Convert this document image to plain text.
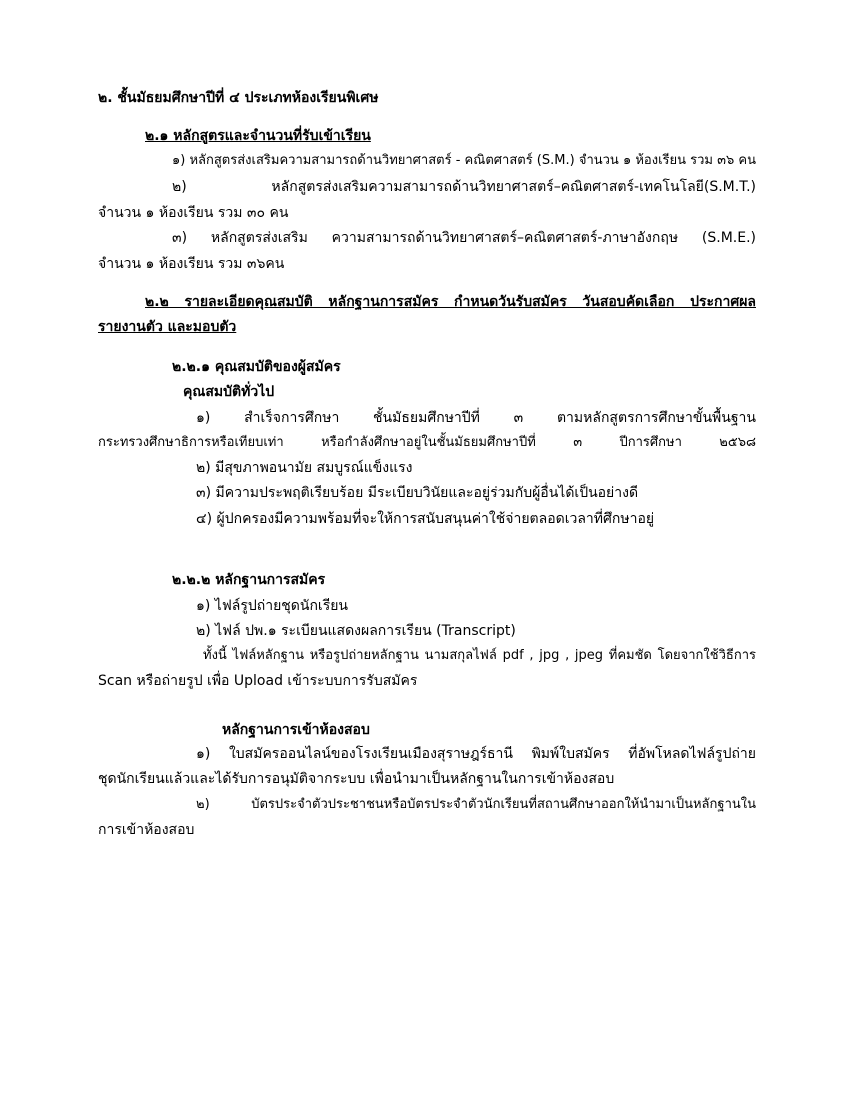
๒. ชั้นมัธยมศึกษาปีที่ ๔ ประเภทห้องเรียนพิเศษ
๒.๑ หลักสูตรและจำนวนที่รับเข้าเรียน
๑) หลักสูตรส่งเสริมความสามารถด้านวิทยาศาสตร์ - คณิตศาสตร์ (S.M.) จำนวน ๑ ห้องเรียน รวม ๓๖ คน
๒) หลักสูตรส่งเสริมความสามารถด้านวิทยาศาสตร์–คณิตศาสตร์-เทคโนโลยี(S.M.T.)
จำนวน ๑ ห้องเรียน รวม ๓๐ คน
๓) หลักสูตรส่งเสริม ความสามารถด้านวิทยาศาสตร์–คณิตศาสตร์-ภาษาอังกฤษ (S.M.E.)
จำนวน ๑ ห้องเรียน รวม ๓๖คน
๒.๒ รายละเอียดคุณสมบัติ หลักฐานการสมัคร กำหนดวันรับสมัคร วันสอบคัดเลือก ประกาศผล
รายงานตัว และมอบตัว
๒.๒.๑ คุณสมบัติของผู้สมัคร
คุณสมบัติทั่วไป
๑) สำเร็จการศึกษา ชั้นมัธยมศึกษาปีที่ ๓ ตามหลักสูตรการศึกษาขั้นพื้นฐาน
กระทรวงศึกษาธิการหรือเทียบเท่า หรือกำลังศึกษาอยู่ในชั้นมัธยมศึกษาปีที่ ๓ ปีการศึกษา ๒๕๖๘
๒) มีสุขภาพอนามัย สมบูรณ์แข็งแรง
๓) มีความประพฤติเรียบร้อย มีระเบียบวินัยและอยู่ร่วมกับผู้อื่นได้เป็นอย่างดี
๔) ผู้ปกครองมีความพร้อมที่จะให้การสนับสนุนค่าใช้จ่ายตลอดเวลาที่ศึกษาอยู่
๒.๒.๒ หลักฐานการสมัคร
๑) ไฟล์รูปถ่ายชุดนักเรียน
๒) ไฟล์ ปพ.๑ ระเบียนแสดงผลการเรียน (Transcript)
ทั้งนี้ ไฟล์หลักฐาน หรือรูปถ่ายหลักฐาน นามสกุลไฟล์ pdf , jpg , jpeg ที่คมชัด โดยจากใช้วิธีการ
Scan หรือถ่ายรูป เพื่อ Upload เข้าระบบการรับสมัคร
หลักฐานการเข้าห้องสอบ
๑) ใบสมัครออนไลน์ของโรงเรียนเมืองสุราษฎร์ธานี พิมพ์ใบสมัคร ที่อัพโหลดไฟล์รูปถ่าย
ชุดนักเรียนแล้วและได้รับการอนุมัติจากระบบ เพื่อนำมาเป็นหลักฐานในการเข้าห้องสอบ
๒) บัตรประจำตัวประชาชนหรือบัตรประจำตัวนักเรียนที่สถานศึกษาออกให้นำมาเป็นหลักฐานใน
การเข้าห้องสอบ
